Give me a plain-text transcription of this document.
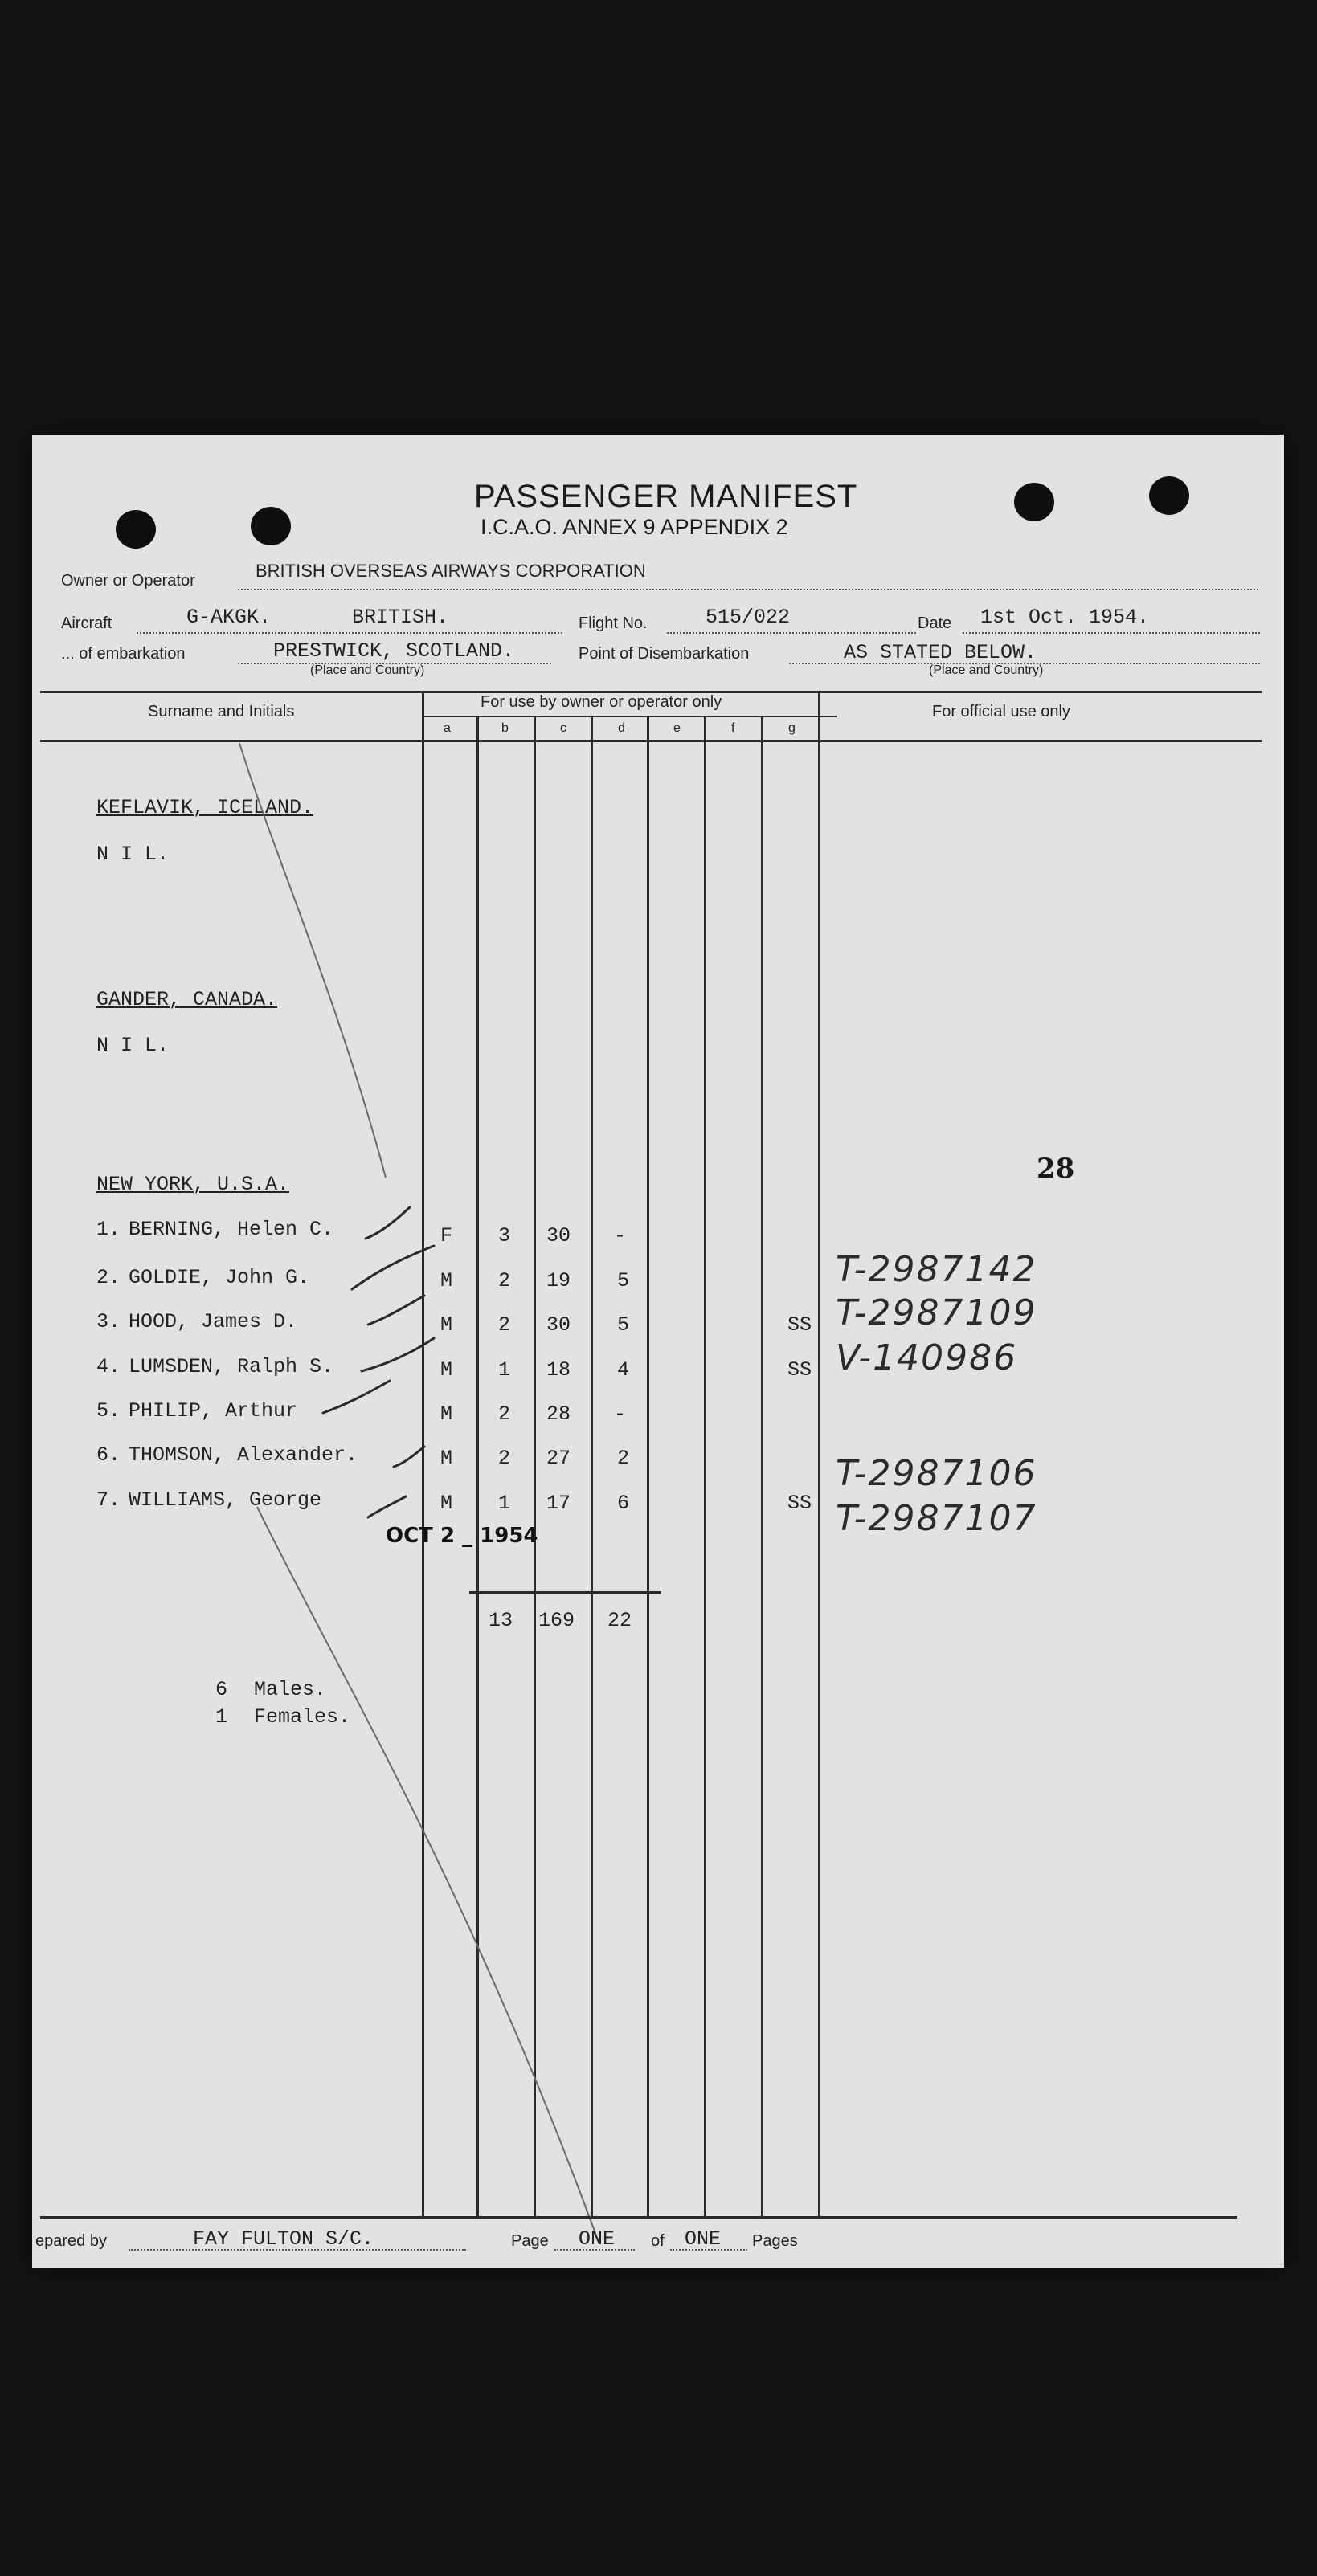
PASSENGER MANIFEST
I.C.A.O. ANNEX 9 APPENDIX 2
Owner or Operator	BRITISH OVERSEAS AIRWAYS CORPORATION
Aircraft	G-AKGK.	BRITISH.	Flight No.	515/022	Date 1st Oct. 1954.
... of embarkation	PRESTWICK, SCOTLAND.
(Place and Country)
Point of Disembarkation	AS STATED BELOW.
(Place and Country)
Surname and Initials
For use by owner or operator only
For official use only
a	b	c	d	e	f	g
KEFLAVIK, ICELAND.
N I L.
GANDER, CANADA.
N I L.
NEW YORK, U.S.A.	28
1. BERNING, Helen C.	F 3 30 -
2. GOLDIE, John G.	M 2 19 5	T-2987142
3. HOOD, James D.	M 2 30 5	SS T-2987109
4. LUMSDEN, Ralph S.	M 1 18 4	SS V-140986
5. PHILIP, Arthur	M 2 28 -
6. THOMSON, Alexander.	M 2 27 2	T-2987106
7. WILLIAMS, George	M 1 17 6	SS T-2987107
OCT 2 _ 1954
13 169 22
6 Males.
1 Females.
epared by	FAY FULTON S/C.	Page ONE of ONE Pages
